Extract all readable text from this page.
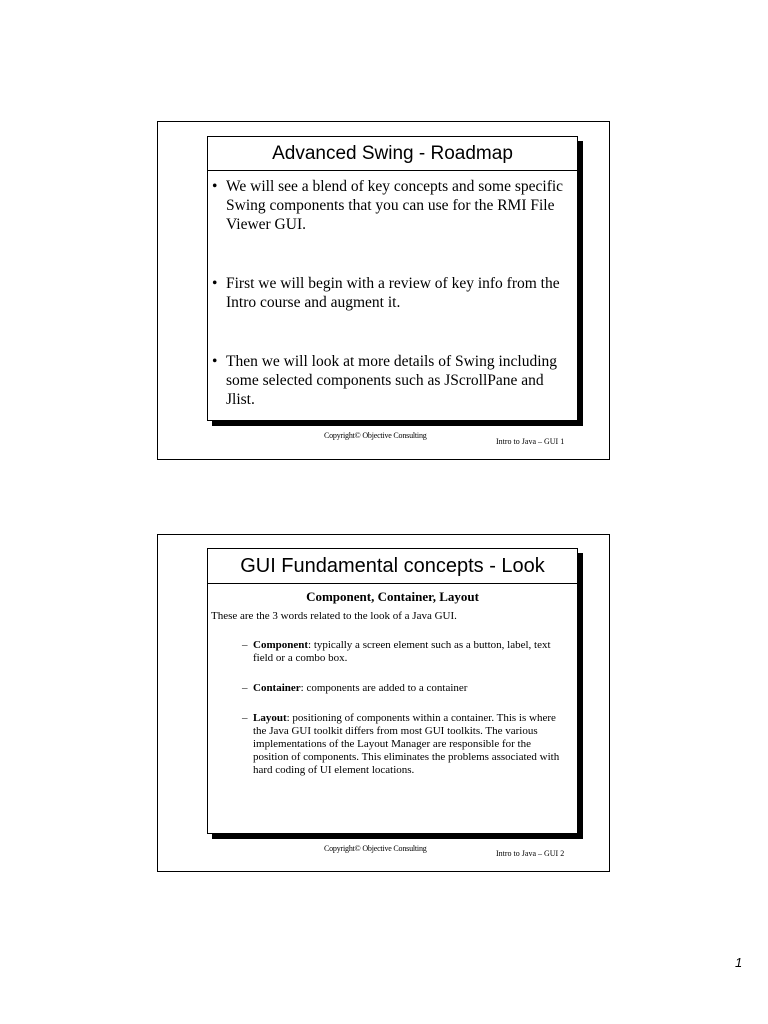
Advanced Swing - Roadmap
• We will see a blend of key concepts and some specific Swing components that you can use for the RMI File Viewer GUI.
• First we will begin with a review of key info from the Intro course and augment it.
• Then we will look at more details of Swing including some selected components such as JScrollPane and Jlist.
Copyright© Objective Consulting
Intro to Java – GUI 1
GUI Fundamental concepts - Look
Component, Container, Layout
These are the 3 words related to the look of a Java GUI.
– Component: typically a screen element such as a button, label, text field or a combo box.
– Container: components are added to a container
– Layout: positioning of components within a container. This is where the Java GUI toolkit differs from most GUI toolkits. The various implementations of the Layout Manager are responsible for the position of components. This eliminates the problems associated with hard coding of UI element locations.
Copyright© Objective Consulting
Intro to Java – GUI 2
1
